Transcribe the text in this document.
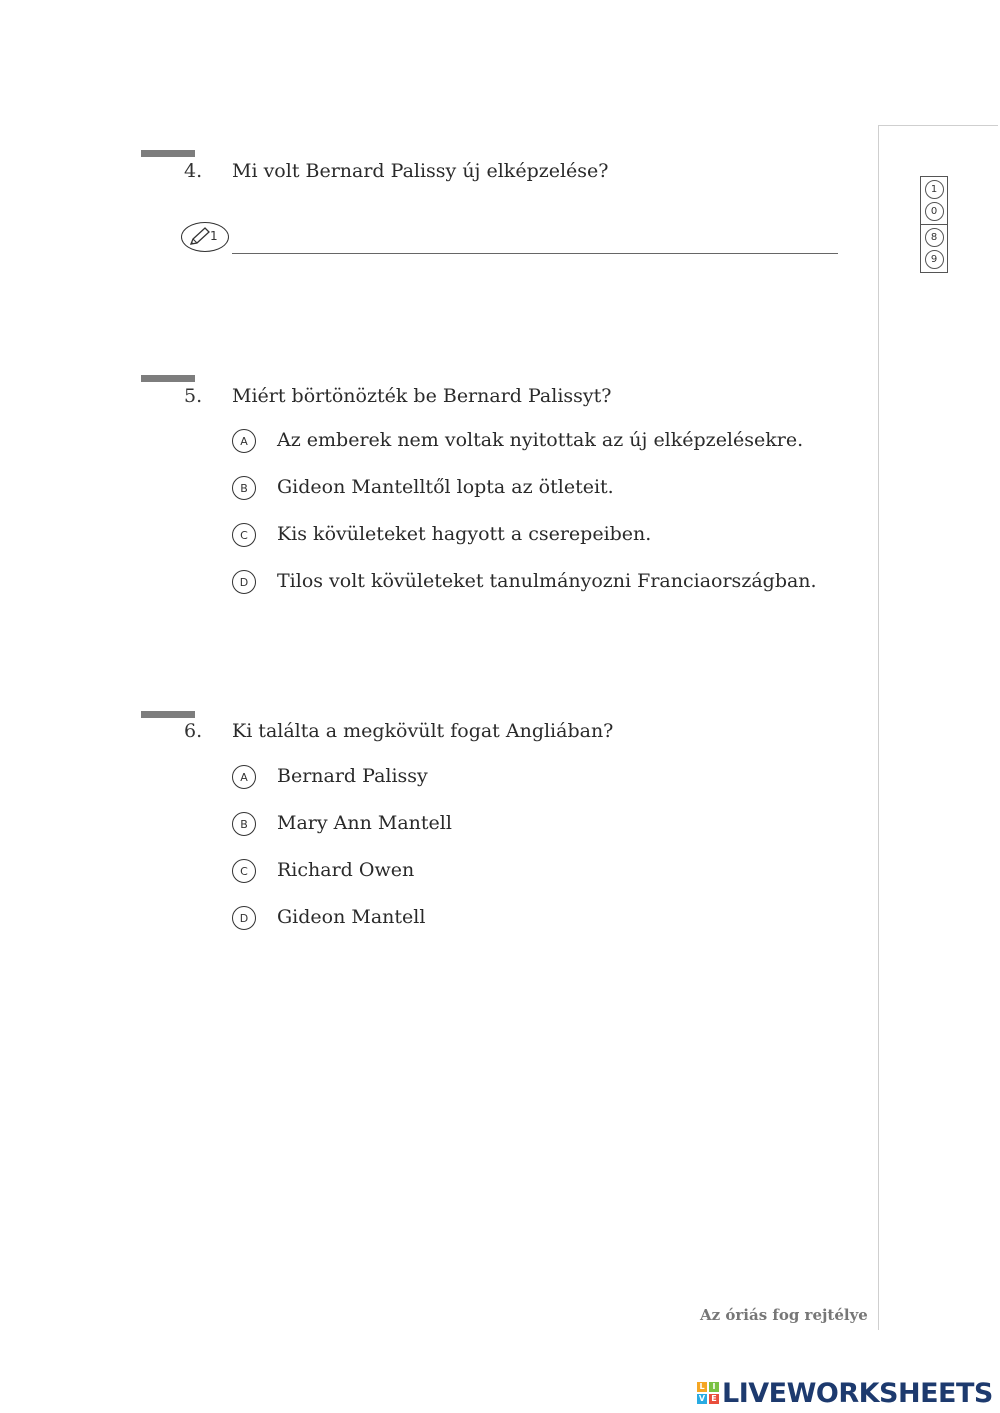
1
0
8
9
4. Mi volt Bernard Palissy új elképzelése?
1
5. Miért börtönözték be Bernard Palissyt?
A	Az emberek nem voltak nyitottak az új elképzelésekre.
B	Gideon Mantelltől lopta az ötleteit.
C	Kis kövületeket hagyott a cserepeiben.
D	Tilos volt kövületeket tanulmányozni Franciaországban.
6. Ki találta a megkövült fogat Angliában?
A	Bernard Palissy
B	Mary Ann Mantell
C	Richard Owen
D	Gideon Mantell
Az óriás fog rejtélye
L I
V E LIVEWORKSHEETS
